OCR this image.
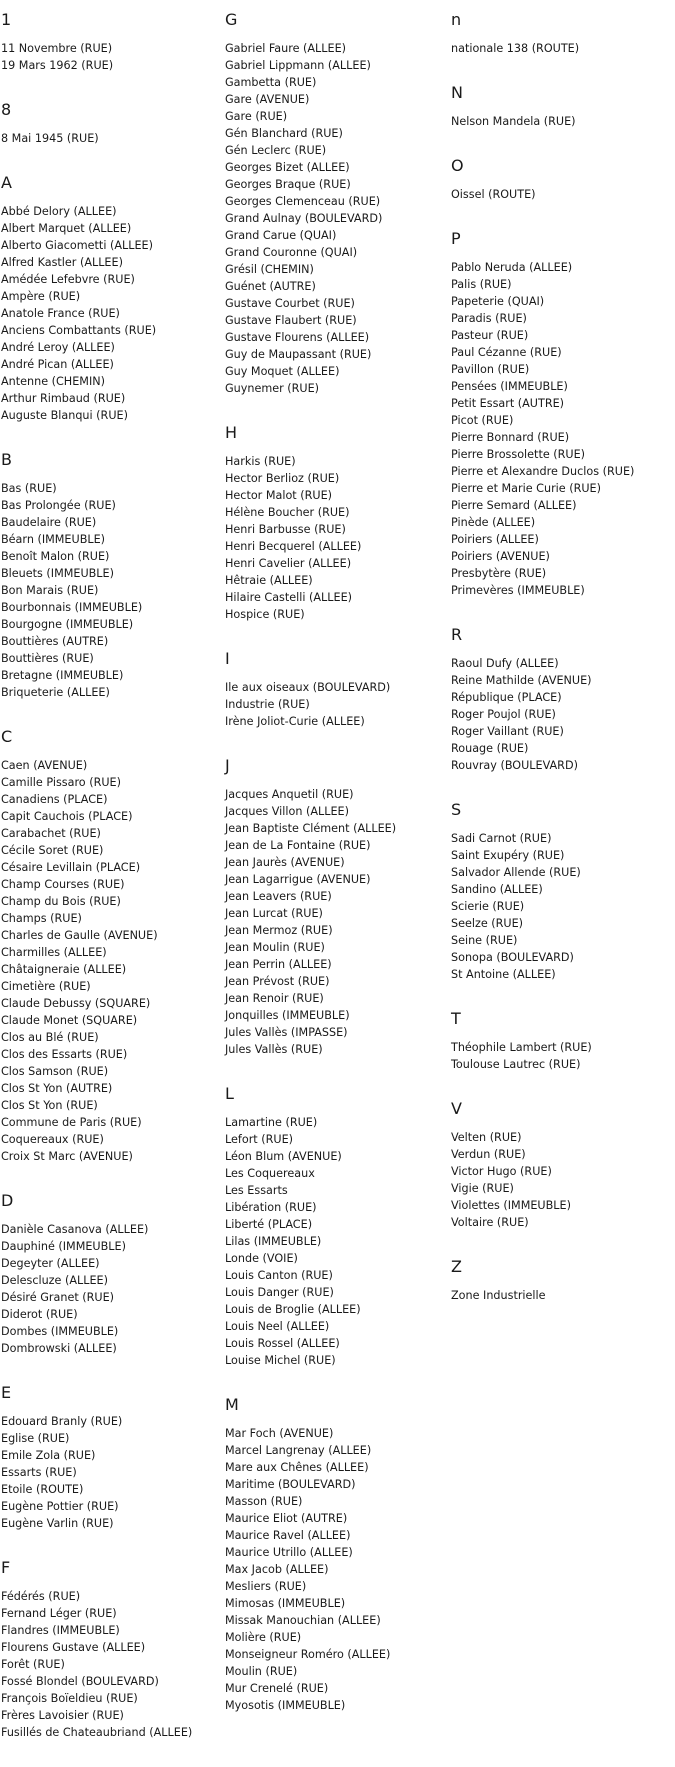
1
11 Novembre (RUE)
19 Mars 1962 (RUE)
8
8 Mai 1945 (RUE)
A
Abbé Delory (ALLEE)
Albert Marquet (ALLEE)
Alberto Giacometti (ALLEE)
Alfred Kastler (ALLEE)
Amédée Lefebvre (RUE)
Ampère (RUE)
Anatole France (RUE)
Anciens Combattants (RUE)
André Leroy (ALLEE)
André Pican (ALLEE)
Antenne (CHEMIN)
Arthur Rimbaud (RUE)
Auguste Blanqui (RUE)
B
Bas (RUE)
Bas Prolongée (RUE)
Baudelaire (RUE)
Béarn (IMMEUBLE)
Benoît Malon (RUE)
Bleuets (IMMEUBLE)
Bon Marais (RUE)
Bourbonnais (IMMEUBLE)
Bourgogne (IMMEUBLE)
Bouttières (AUTRE)
Bouttières (RUE)
Bretagne (IMMEUBLE)
Briqueterie (ALLEE)
C
Caen (AVENUE)
Camille Pissaro (RUE)
Canadiens (PLACE)
Capit Cauchois (PLACE)
Carabachet (RUE)
Cécile Soret (RUE)
Césaire Levillain (PLACE)
Champ Courses (RUE)
Champ du Bois (RUE)
Champs (RUE)
Charles de Gaulle (AVENUE)
Charmilles (ALLEE)
Châtaigneraie (ALLEE)
Cimetière (RUE)
Claude Debussy (SQUARE)
Claude Monet (SQUARE)
Clos au Blé (RUE)
Clos des Essarts (RUE)
Clos Samson (RUE)
Clos St Yon (AUTRE)
Clos St Yon (RUE)
Commune de Paris (RUE)
Coquereaux (RUE)
Croix St Marc (AVENUE)
D
Danièle Casanova (ALLEE)
Dauphiné (IMMEUBLE)
Degeyter (ALLEE)
Delescluze (ALLEE)
Désiré Granet (RUE)
Diderot (RUE)
Dombes (IMMEUBLE)
Dombrowski (ALLEE)
E
Edouard Branly (RUE)
Eglise (RUE)
Emile Zola (RUE)
Essarts (RUE)
Etoile (ROUTE)
Eugène Pottier (RUE)
Eugène Varlin (RUE)
F
Fédérés (RUE)
Fernand Léger (RUE)
Flandres (IMMEUBLE)
Flourens Gustave (ALLEE)
Forêt (RUE)
Fossé Blondel (BOULEVARD)
François Boïeldieu (RUE)
Frères Lavoisier (RUE)
Fusillés de Chateaubriand (ALLEE)
G
Gabriel Faure (ALLEE)
Gabriel Lippmann (ALLEE)
Gambetta (RUE)
Gare (AVENUE)
Gare (RUE)
Gén Blanchard (RUE)
Gén Leclerc (RUE)
Georges Bizet (ALLEE)
Georges Braque (RUE)
Georges Clemenceau (RUE)
Grand Aulnay (BOULEVARD)
Grand Carue (QUAI)
Grand Couronne (QUAI)
Grésil (CHEMIN)
Guénet (AUTRE)
Gustave Courbet (RUE)
Gustave Flaubert (RUE)
Gustave Flourens (ALLEE)
Guy de Maupassant (RUE)
Guy Moquet (ALLEE)
Guynemer (RUE)
H
Harkis (RUE)
Hector Berlioz (RUE)
Hector Malot (RUE)
Hélène Boucher (RUE)
Henri Barbusse (RUE)
Henri Becquerel (ALLEE)
Henri Cavelier (ALLEE)
Hêtraie (ALLEE)
Hilaire Castelli (ALLEE)
Hospice (RUE)
I
Ile aux oiseaux (BOULEVARD)
Industrie (RUE)
Irène Joliot-Curie (ALLEE)
J
Jacques Anquetil (RUE)
Jacques Villon (ALLEE)
Jean Baptiste Clément (ALLEE)
Jean de La Fontaine (RUE)
Jean Jaurès (AVENUE)
Jean Lagarrigue (AVENUE)
Jean Leavers (RUE)
Jean Lurcat (RUE)
Jean Mermoz (RUE)
Jean Moulin (RUE)
Jean Perrin (ALLEE)
Jean Prévost (RUE)
Jean Renoir (RUE)
Jonquilles (IMMEUBLE)
Jules Vallès (IMPASSE)
Jules Vallès (RUE)
L
Lamartine (RUE)
Lefort (RUE)
Léon Blum (AVENUE)
Les Coquereaux
Les Essarts
Libération (RUE)
Liberté (PLACE)
Lilas (IMMEUBLE)
Londe (VOIE)
Louis Canton (RUE)
Louis Danger (RUE)
Louis de Broglie (ALLEE)
Louis Neel (ALLEE)
Louis Rossel (ALLEE)
Louise Michel (RUE)
M
Mar Foch (AVENUE)
Marcel Langrenay (ALLEE)
Mare aux Chênes (ALLEE)
Maritime (BOULEVARD)
Masson (RUE)
Maurice Eliot (AUTRE)
Maurice Ravel (ALLEE)
Maurice Utrillo (ALLEE)
Max Jacob (ALLEE)
Mesliers (RUE)
Mimosas (IMMEUBLE)
Missak Manouchian (ALLEE)
Molière (RUE)
Monseigneur Roméro (ALLEE)
Moulin (RUE)
Mur Crenelé (RUE)
Myosotis (IMMEUBLE)
n
nationale 138 (ROUTE)
N
Nelson Mandela (RUE)
O
Oissel (ROUTE)
P
Pablo Neruda (ALLEE)
Palis (RUE)
Papeterie (QUAI)
Paradis (RUE)
Pasteur (RUE)
Paul Cézanne (RUE)
Pavillon (RUE)
Pensées (IMMEUBLE)
Petit Essart (AUTRE)
Picot (RUE)
Pierre Bonnard (RUE)
Pierre Brossolette (RUE)
Pierre et Alexandre Duclos (RUE)
Pierre et Marie Curie (RUE)
Pierre Semard (ALLEE)
Pinède (ALLEE)
Poiriers (ALLEE)
Poiriers (AVENUE)
Presbytère (RUE)
Primevères (IMMEUBLE)
R
Raoul Dufy (ALLEE)
Reine Mathilde (AVENUE)
République (PLACE)
Roger Poujol (RUE)
Roger Vaillant (RUE)
Rouage (RUE)
Rouvray (BOULEVARD)
S
Sadi Carnot (RUE)
Saint Exupéry (RUE)
Salvador Allende (RUE)
Sandino (ALLEE)
Scierie (RUE)
Seelze (RUE)
Seine (RUE)
Sonopa (BOULEVARD)
St Antoine (ALLEE)
T
Théophile Lambert (RUE)
Toulouse Lautrec (RUE)
V
Velten (RUE)
Verdun (RUE)
Victor Hugo (RUE)
Vigie (RUE)
Violettes (IMMEUBLE)
Voltaire (RUE)
Z
Zone Industrielle
